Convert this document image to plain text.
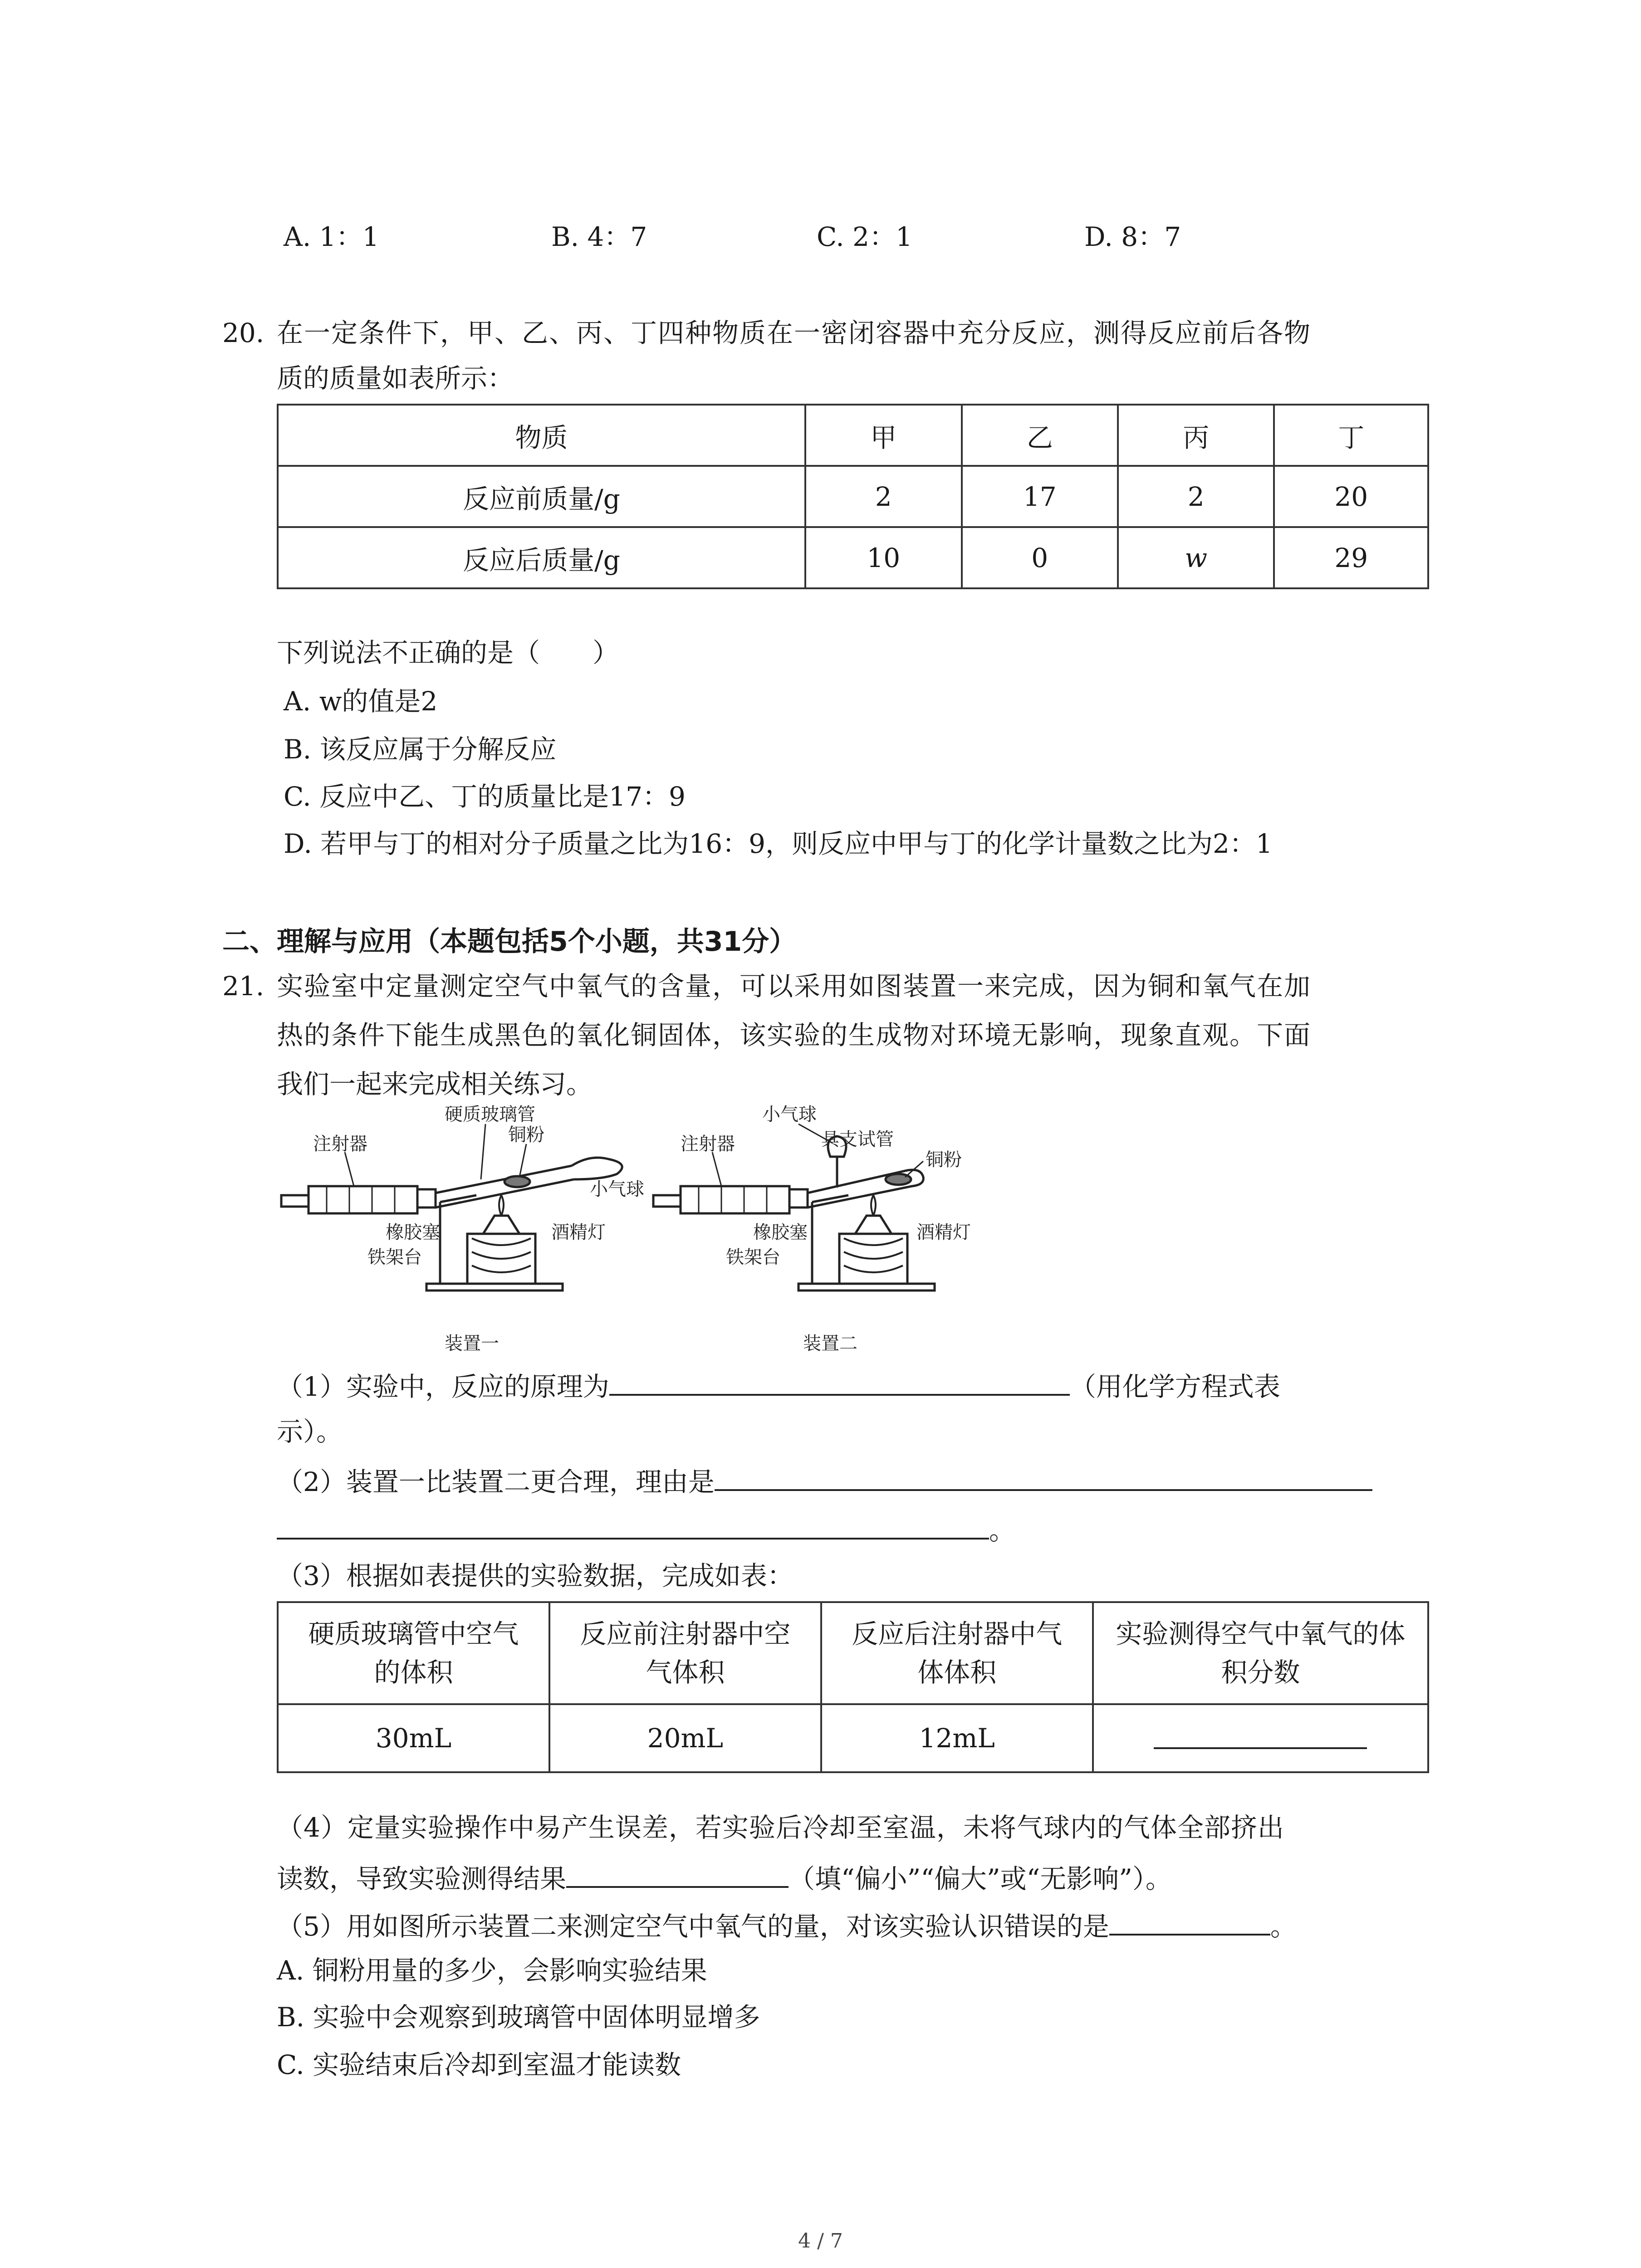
A. 1：1	B. 4：7	C. 2：1	D. 8：7
20. 在一定条件下，甲、乙、丙、丁四种物质在一密闭容器中充分反应，测得反应前后各物
质的质量如表所示：
物质	甲	乙	丙	丁
反应前质量/g	2	17	2	20
反应后质量/g	10	0	w	29
下列说法不正确的是（　　）
A. w的值是2
B. 该反应属于分解反应
C. 反应中乙、丁的质量比是17：9
D. 若甲与丁的相对分子质量之比为16：9，则反应中甲与丁的化学计量数之比为2：1
二、理解与应用（本题包括5个小题，共31分）
21. 实验室中定量测定空气中氧气的含量，可以采用如图装置一来完成，因为铜和氧气在加
热的条件下能生成黑色的氧化铜固体，该实验的生成物对环境无影响，现象直观。下面
我们一起来完成相关练习。
注射器
硬质玻璃管
铜粉
小气球
橡胶塞
铁架台
酒精灯
装置一
小气球
注射器	具支试管
铜粉
橡胶塞
铁架台
酒精灯
装置二
（1）实验中，反应的原理为	（用化学方程式表
示）。
（2）装置一比装置二更合理，理由是
。
（3）根据如表提供的实验数据，完成如表：
硬质玻璃管中空气的体积	反应前注射器中空气体积	反应后注射器中气体体积	实验测得空气中氧气的体积分数
30mL	20mL	12mL	
（4）定量实验操作中易产生误差，若实验后冷却至室温，未将气球内的气体全部挤出
读数，导致实验测得结果	（填“偏小”“偏大”或“无影响”）。
（5）用如图所示装置二来测定空气中氧气的量，对该实验认识错误的是	。
A. 铜粉用量的多少，会影响实验结果
B. 实验中会观察到玻璃管中固体明显增多
C. 实验结束后冷却到室温才能读数
4 / 7
